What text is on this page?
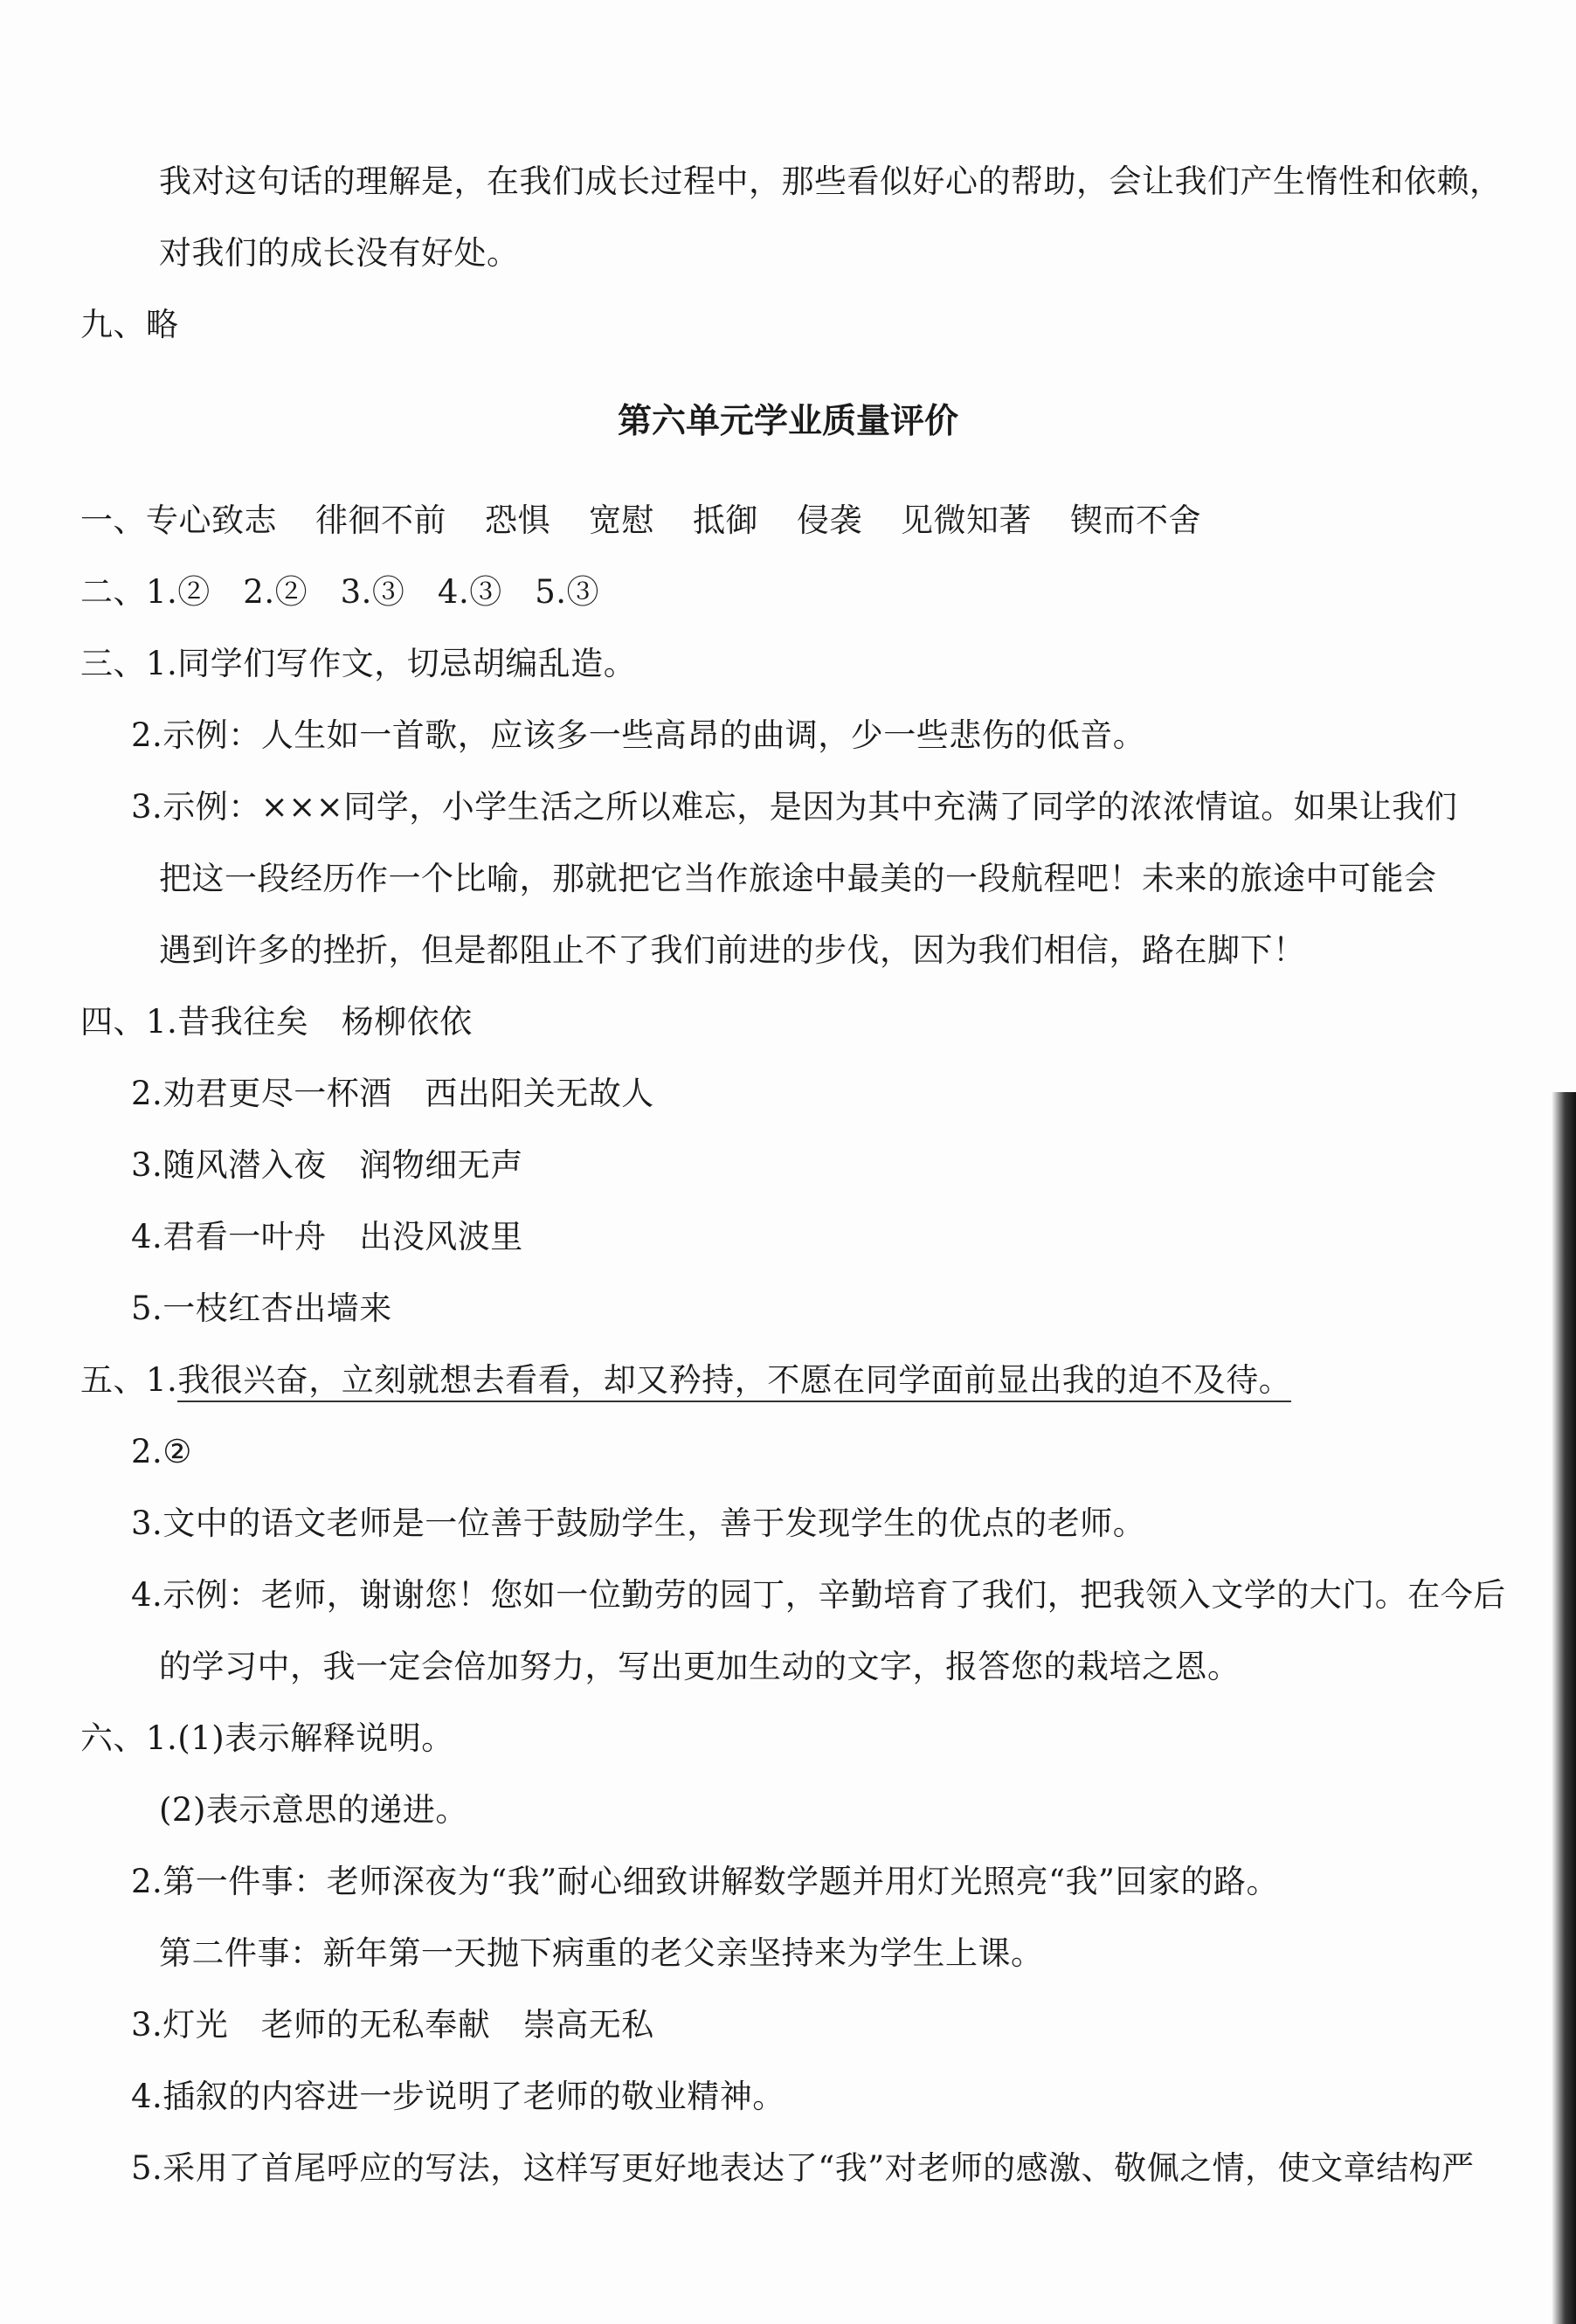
我对这句话的理解是，在我们成长过程中，那些看似好心的帮助，会让我们产生惰性和依赖，
对我们的成长没有好处。
九、略
第六单元学业质量评价
一、专心致志 徘徊不前 恐惧 宽慰 抵御 侵袭 见微知著 锲而不舍
二、1.②　2.②　3.③　4.③　5.③
三、1.同学们写作文，切忌胡编乱造。
2.示例：人生如一首歌，应该多一些高昂的曲调，少一些悲伤的低音。
3.示例：×××同学，小学生活之所以难忘，是因为其中充满了同学的浓浓情谊。如果让我们
把这一段经历作一个比喻，那就把它当作旅途中最美的一段航程吧！未来的旅途中可能会
遇到许多的挫折，但是都阻止不了我们前进的步伐，因为我们相信，路在脚下！
四、1.昔我往矣　杨柳依依
2.劝君更尽一杯酒　西出阳关无故人
3.随风潜入夜　润物细无声
4.君看一叶舟　出没风波里
5.一枝红杏出墙来
五、1.我很兴奋，立刻就想去看看，却又矜持，不愿在同学面前显出我的迫不及待。
2.②
3.文中的语文老师是一位善于鼓励学生，善于发现学生的优点的老师。
4.示例：老师，谢谢您！您如一位勤劳的园丁，辛勤培育了我们，把我领入文学的大门。在今后
的学习中，我一定会倍加努力，写出更加生动的文字，报答您的栽培之恩。
六、1.(1)表示解释说明。
(2)表示意思的递进。
2.第一件事：老师深夜为“我”耐心细致讲解数学题并用灯光照亮“我”回家的路。
第二件事：新年第一天抛下病重的老父亲坚持来为学生上课。
3.灯光　老师的无私奉献　崇高无私
4.插叙的内容进一步说明了老师的敬业精神。
5.采用了首尾呼应的写法，这样写更好地表达了“我”对老师的感激、敬佩之情，使文章结构严
